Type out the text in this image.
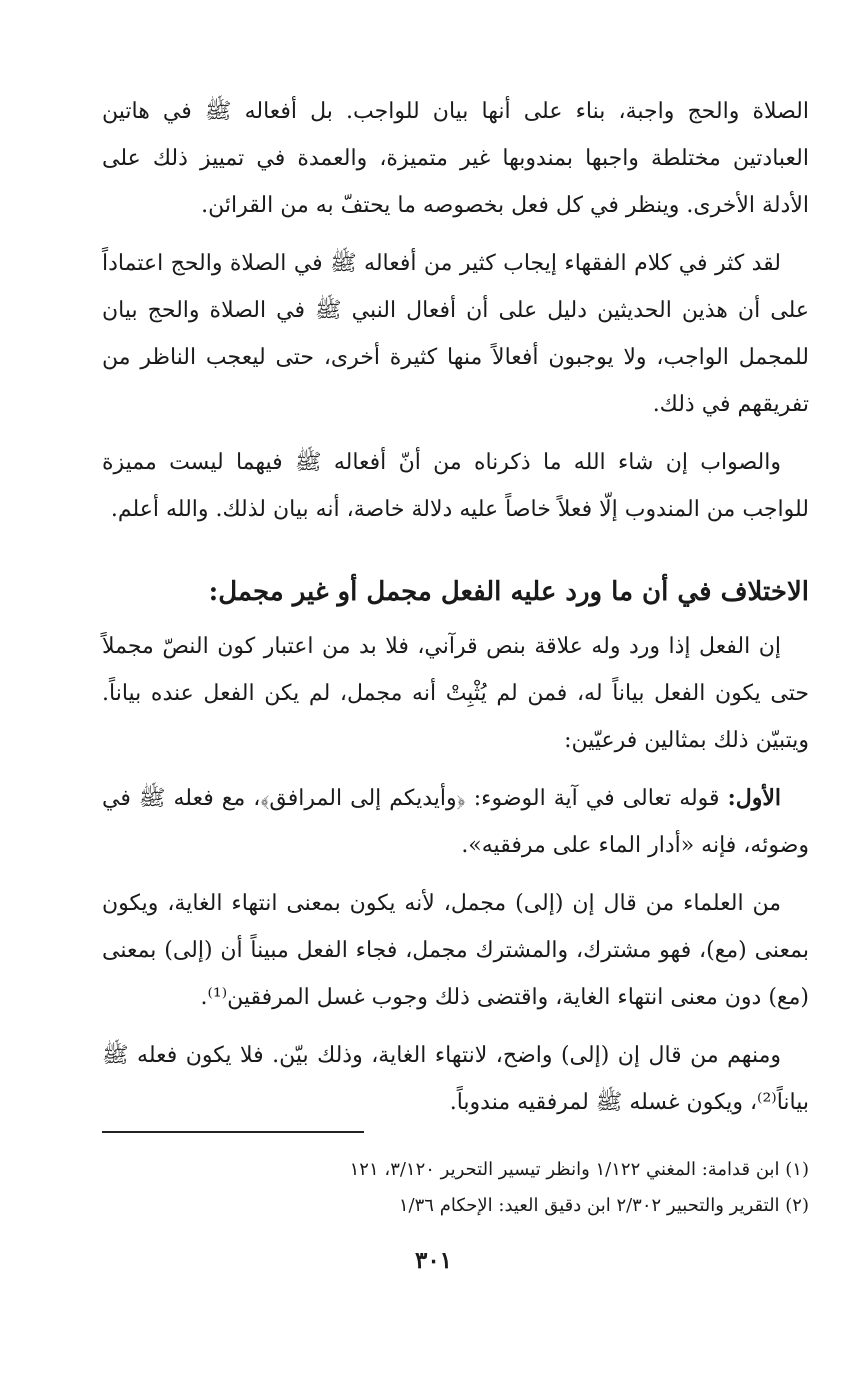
الصلاة والحج واجبة، بناء على أنها بيان للواجب. بل أفعاله ﷺ في هاتين العبادتين مختلطة واجبها بمندوبها غير متميزة، والعمدة في تمييز ذلك على الأدلة الأخرى. وينظر في كل فعل بخصوصه ما يحتفّ به من القرائن.

لقد كثر في كلام الفقهاء إيجاب كثير من أفعاله ﷺ في الصلاة والحج اعتماداً على أن هذين الحديثين دليل على أن أفعال النبي ﷺ في الصلاة والحج بيان للمجمل الواجب، ولا يوجبون أفعالاً منها كثيرة أخرى، حتى ليعجب الناظر من تفريقهم في ذلك.

والصواب إن شاء الله ما ذكرناه من أنّ أفعاله ﷺ فيهما ليست مميزة للواجب من المندوب إلّا فعلاً خاصاً عليه دلالة خاصة، أنه بيان لذلك. والله أعلم.

الاختلاف في أن ما ورد عليه الفعل مجمل أو غير مجمل:

إن الفعل إذا ورد وله علاقة بنص قرآني، فلا بد من اعتبار كون النصّ مجملاً حتى يكون الفعل بياناً له، فمن لم يُثْبِتْ أنه مجمل، لم يكن الفعل عنده بياناً. ويتبيّن ذلك بمثالين فرعيّين:

الأول: قوله تعالى في آية الوضوء: ﴿وأيديكم إلى المرافق﴾، مع فعله ﷺ في وضوئه، فإنه «أدار الماء على مرفقيه».

من العلماء من قال إن (إلى) مجمل، لأنه يكون بمعنى انتهاء الغاية، ويكون بمعنى (مع)، فهو مشترك، والمشترك مجمل، فجاء الفعل مبيناً أن (إلى) بمعنى (مع) دون معنى انتهاء الغاية، واقتضى ذلك وجوب غسل المرفقين⁽¹⁾.

ومنهم من قال إن (إلى) واضح، لانتهاء الغاية، وذلك بيّن. فلا يكون فعله ﷺ بياناً⁽²⁾، ويكون غسله ﷺ لمرفقيه مندوباً.

(١) ابن قدامة: المغني ١/١٢٢ وانظر تيسير التحرير ٣/١٢٠، ١٢١

(٢) التقرير والتحبير ٢/٣٠٢ ابن دقيق العيد: الإحكام ١/٣٦

٣٠١
